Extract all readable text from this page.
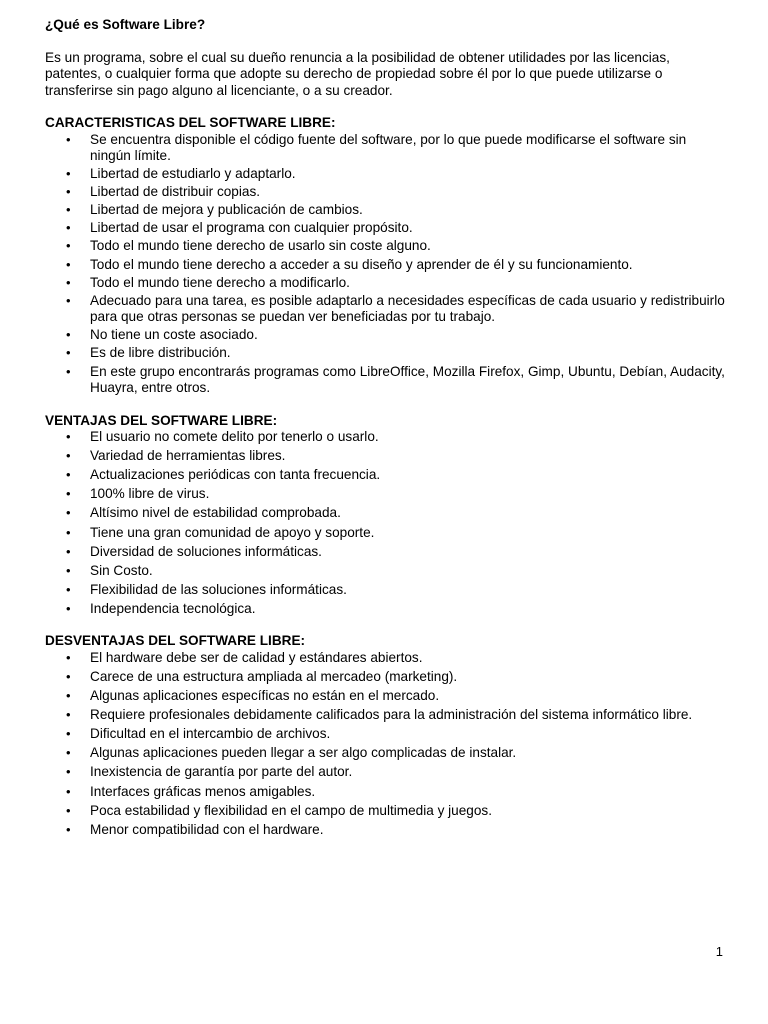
¿Qué es Software Libre?

Es un programa, sobre el cual su dueño renuncia a la posibilidad de obtener utilidades por las licencias, patentes, o cualquier forma que adopte su derecho de propiedad sobre él por lo que puede utilizarse o transferirse sin pago alguno al licenciante, o a su creador.

CARACTERISTICAS DEL SOFTWARE LIBRE:

• Se encuentra disponible el código fuente del software, por lo que puede modificarse el software sin ningún límite.
• Libertad de estudiarlo y adaptarlo.
• Libertad de distribuir copias.
• Libertad de mejora y publicación de cambios.
• Libertad de usar el programa con cualquier propósito.
• Todo el mundo tiene derecho de usarlo sin coste alguno.
• Todo el mundo tiene derecho a acceder a su diseño y aprender de él y su funcionamiento.
• Todo el mundo tiene derecho a modificarlo.
• Adecuado para una tarea, es posible adaptarlo a necesidades específicas de cada usuario y redistribuirlo para que otras personas se puedan ver beneficiadas por tu trabajo.
• No tiene un coste asociado.
• Es de libre distribución.
• En este grupo encontrarás programas como LibreOffice, Mozilla Firefox, Gimp, Ubuntu, Debían, Audacity, Huayra, entre otros.

VENTAJAS DEL SOFTWARE LIBRE:

• El usuario no comete delito por tenerlo o usarlo.
• Variedad de herramientas libres.
• Actualizaciones periódicas con tanta frecuencia.
• 100% libre de virus.
• Altísimo nivel de estabilidad comprobada.
• Tiene una gran comunidad de apoyo y soporte.
• Diversidad de soluciones informáticas.
• Sin Costo.
• Flexibilidad de las soluciones informáticas.
• Independencia tecnológica.

DESVENTAJAS DEL SOFTWARE LIBRE:

• El hardware debe ser de calidad y estándares abiertos.
• Carece de una estructura ampliada al mercadeo (marketing).
• Algunas aplicaciones específicas no están en el mercado.
• Requiere profesionales debidamente calificados para la administración del sistema informático libre.
• Dificultad en el intercambio de archivos.
• Algunas aplicaciones pueden llegar a ser algo complicadas de instalar.
• Inexistencia de garantía por parte del autor.
• Interfaces gráficas menos amigables.
• Poca estabilidad y flexibilidad en el campo de multimedia y juegos.
• Menor compatibilidad con el hardware.
1
